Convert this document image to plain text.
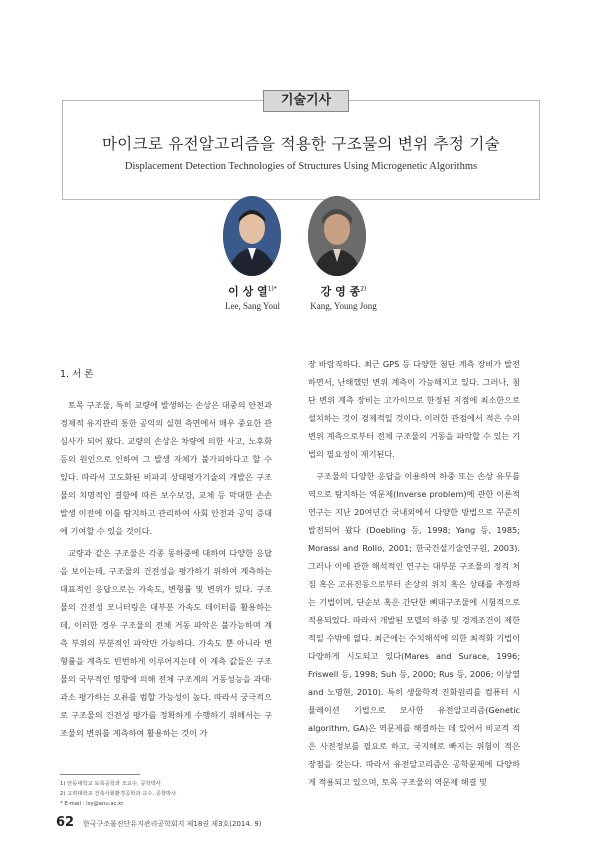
기술기사
마이크로 유전알고리즘을 적용한 구조물의 변위 추정 기술
Displacement Detection Technologies of Structures Using Microgenetic Algorithms
이 상 열$^{1)*}$
Lee, Sang Youl
강 영 종$^{2)}$
Kang, Young Jong
1. 서 론

토목 구조물, 특히 교량에 발생하는 손상은 대중의 안전과 경제적 유지관리 통한 공익의 실현 측면에서 매우 중요한 관심사가 되어 왔다. 교량의 손상은 차량에 의한 사고, 노후화 등의 원인으로 인하여 그 발생 자체가 불가피하다고 할 수 있다. 따라서 고도화된 비파괴 상태평가기술의 개발은 구조물의 치명적인 결함에 따른 보수보강, 교체 등 막대한 손손 발생 이전에 이를 탐지하고 관리하여 사회 안전과 공익 증대에 기여할 수 있을 것이다.

교량과 같은 구조물은 각종 동하중에 대하여 다양한 응답을 보이는데, 구조물의 건전성을 평가하기 위하여 계측하는 대표적인 응답으로는 가속도, 변형률 및 변위가 있다. 구조물의 건전성 모니터링은 대부분 가속도 데이터를 활용하는데, 이러한 경우 구조물의 전체 거동 파악은 불가능하며 계측 부위의 부분적인 파악만 가능하다. 가속도 뿐 아니라 변형률을 계측도 빈번하게 이루어지는데 이 계측 값들은 구조물의 국부적인 영향에 의해 전체 구조계의 거동성능을 과대·과소 평가하는 오류를 범할 가능성이 높다. 따라서 궁극적으로 구조물의 건전성 평가를 정확하게 수행하기 위해서는 구조물의 변위를 계측하여 활용하는 것이 가

장 바람직하다. 최근 GPS 등 다양한 첨단 계측 장비가 발전하면서, 난해했던 변위 계측이 가능해지고 있다. 그러나, 첨단 변위 계측 장비는 고가이므로 한정된 지점에 최소한으로 설치하는 것이 경제적일 것이다. 이러한 관점에서 적은 수의 변위 계측으로부터 전체 구조물의 거동을 파악할 수 있는 기법의 필요성이 제기된다.

구조물의 다양한 응답을 이용하여 하중 또는 손상 유무를 역으로 탐지하는 역문제(Inverse problem)에 관한 이론적 연구는 지난 20여년간 국내외에서 다양한 방법으로 꾸준히 발전되어 왔다 (Doebling 등, 1998; Yang 등, 1985; Morassi and Rollo, 2001; 한국건설기술연구원, 2003). 그러나 이에 관한 해석적인 연구는 대부분 구조물의 정적 처짐 혹은 고유진동으로부터 손상의 위치 혹은 상태를 추정하는 기법이며, 단순보 혹은 간단한 뼈대구조물에 시험적으로 적용되었다. 따라서 개발된 모델의 하중 및 경계조건이 제한적일 수밖에 없다. 최근에는 수치해석에 의한 최적화 기법이 다양하게 시도되고 있다(Mares and Surace, 1996; Friswell 등, 1998; Suh 등, 2000; Rus 등, 2006; 이상열 and 노명현, 2010). 특히 생물학적 진화원리를 컴퓨터 시뮬레이션 기법으로 모사한 유전알고리즘(Genetic algorithm, GA)은 역문제를 해결하는 데 있어서 비교적 적은 사전정보를 필요로 하고, 국지해로 빠지는 위험이 적은 장점을 갖는다. 따라서 유전알고리즘은 공학문제에 다양하게 적용되고 있으며, 토목 구조물의 역문제 해결 및

1) 안동대학교 토목공학과 조교수, 공학박사
2) 고려대학교 건축사회환경공학과 교수, 공학박사
* E-mail : lsy@anu.ac.kr
62 한국구조물진단유지관리공학회지 제18권 제3호(2014. 9)
